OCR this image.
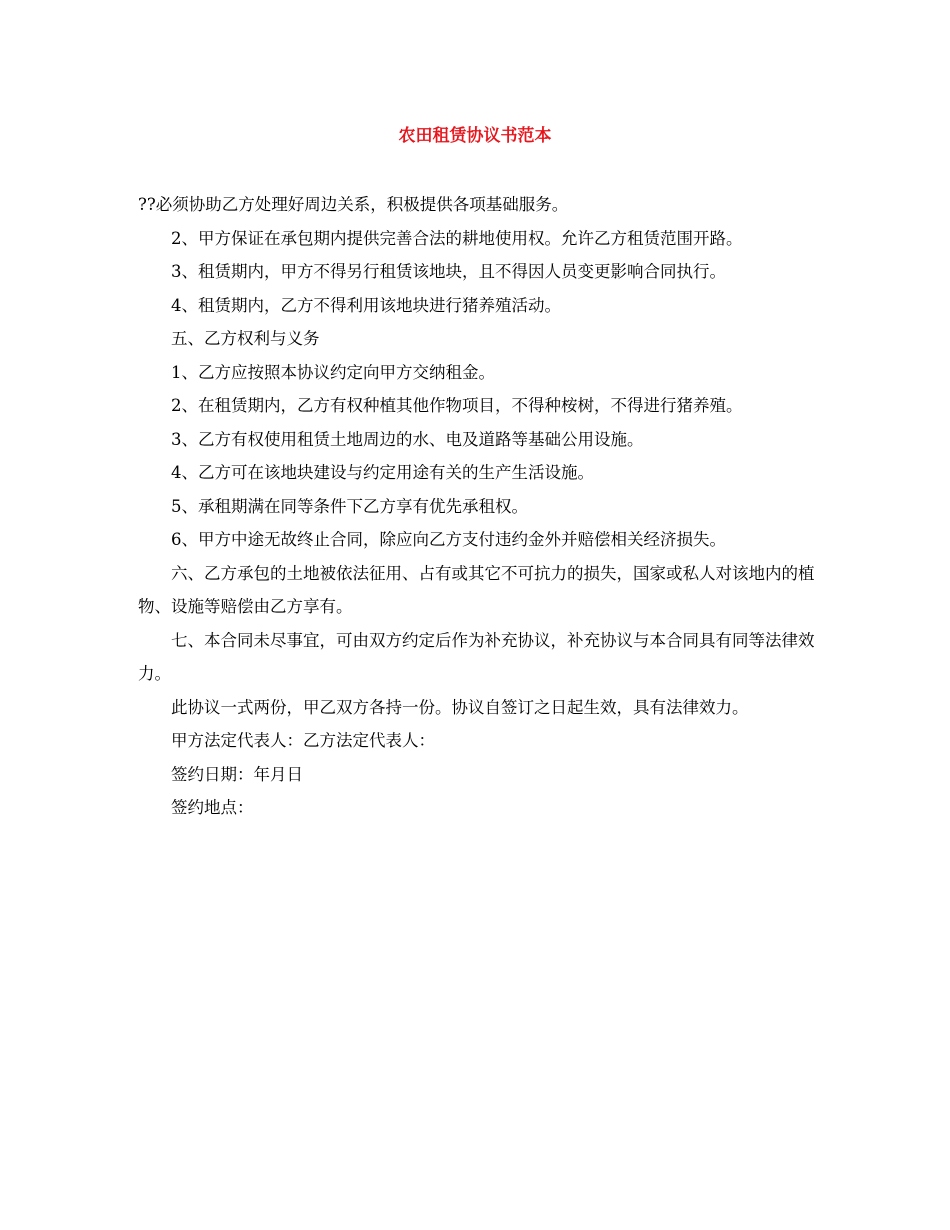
农田租赁协议书范本

??必须协助乙方处理好周边关系，积极提供各项基础服务。

2、甲方保证在承包期内提供完善合法的耕地使用权。允许乙方租赁范围开路。

3、租赁期内，甲方不得另行租赁该地块，且不得因人员变更影响合同执行。

4、租赁期内，乙方不得利用该地块进行猪养殖活动。

五、乙方权利与义务

1、乙方应按照本协议约定向甲方交纳租金。

2、在租赁期内，乙方有权种植其他作物项目，不得种桉树，不得进行猪养殖。

3、乙方有权使用租赁土地周边的水、电及道路等基础公用设施。

4、乙方可在该地块建设与约定用途有关的生产生活设施。

5、承租期满在同等条件下乙方享有优先承租权。

6、甲方中途无故终止合同，除应向乙方支付违约金外并赔偿相关经济损失。

六、乙方承包的土地被依法征用、占有或其它不可抗力的损失，国家或私人对该地内的植物、设施等赔偿由乙方享有。

七、本合同未尽事宜，可由双方约定后作为补充协议，补充协议与本合同具有同等法律效力。

此协议一式两份，甲乙双方各持一份。协议自签订之日起生效，具有法律效力。

甲方法定代表人：乙方法定代表人：

签约日期：年月日

签约地点：
